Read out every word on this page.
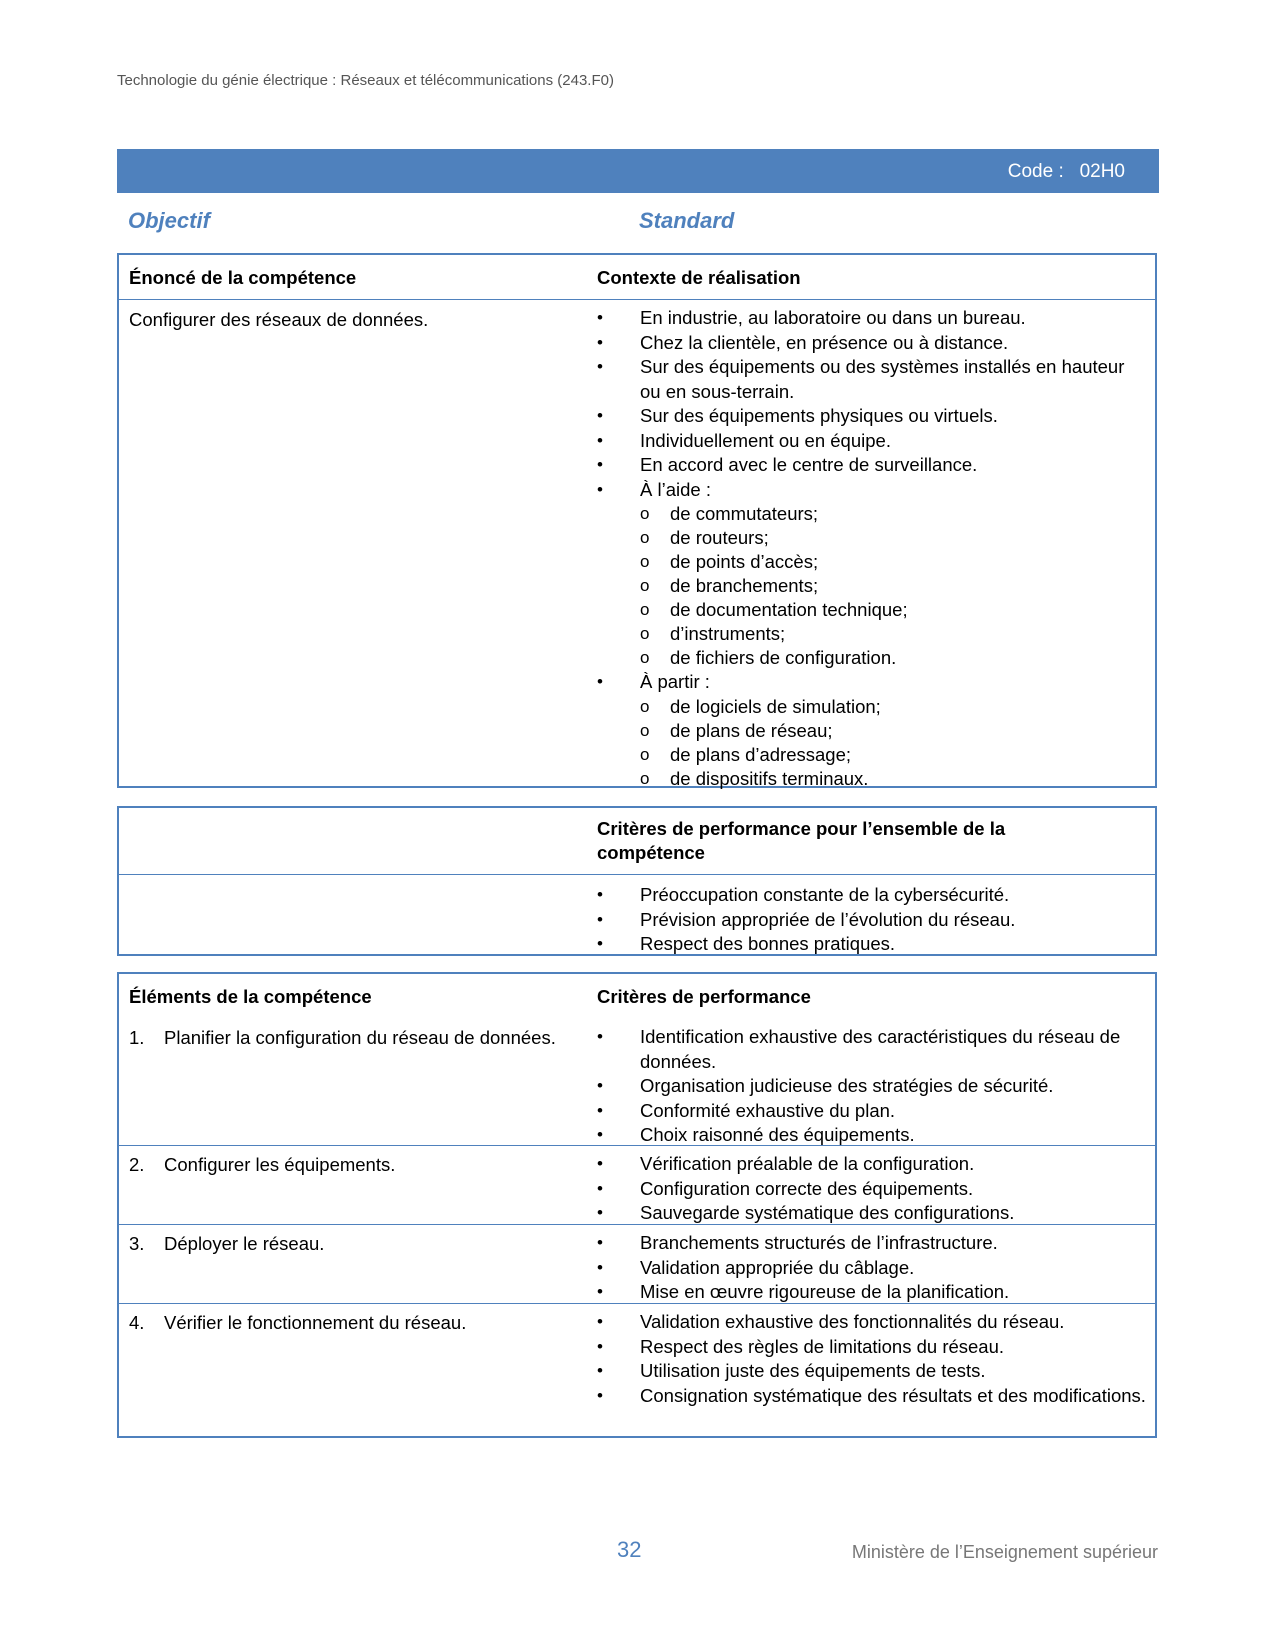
Technologie du génie électrique : Réseaux et télécommunications (243.F0)
Code :   02H0
Objectif	Standard
Énoncé de la compétence	Contexte de réalisation
Configurer des réseaux de données.	• En industrie, au laboratoire ou dans un bureau.
• Chez la clientèle, en présence ou à distance.
• Sur des équipements ou des systèmes installés en hauteur ou en sous-terrain.
• Sur des équipements physiques ou virtuels.
• Individuellement ou en équipe.
• En accord avec le centre de surveillance.
• À l’aide :
o de commutateurs;
o de routeurs;
o de points d’accès;
o de branchements;
o de documentation technique;
o d’instruments;
o de fichiers de configuration.
• À partir :
o de logiciels de simulation;
o de plans de réseau;
o de plans d’adressage;
o de dispositifs terminaux.
Critères de performance pour l’ensemble de la compétence
• Préoccupation constante de la cybersécurité.
• Prévision appropriée de l’évolution du réseau.
• Respect des bonnes pratiques.
Éléments de la compétence	Critères de performance
1. Planifier la configuration du réseau de données.	• Identification exhaustive des caractéristiques du réseau de données.
• Organisation judicieuse des stratégies de sécurité.
• Conformité exhaustive du plan.
• Choix raisonné des équipements.
2. Configurer les équipements.	• Vérification préalable de la configuration.
• Configuration correcte des équipements.
• Sauvegarde systématique des configurations.
3. Déployer le réseau.	• Branchements structurés de l’infrastructure.
• Validation appropriée du câblage.
• Mise en œuvre rigoureuse de la planification.
4. Vérifier le fonctionnement du réseau.	• Validation exhaustive des fonctionnalités du réseau.
• Respect des règles de limitations du réseau.
• Utilisation juste des équipements de tests.
• Consignation systématique des résultats et des modifications.
32	Ministère de l’Enseignement supérieur
